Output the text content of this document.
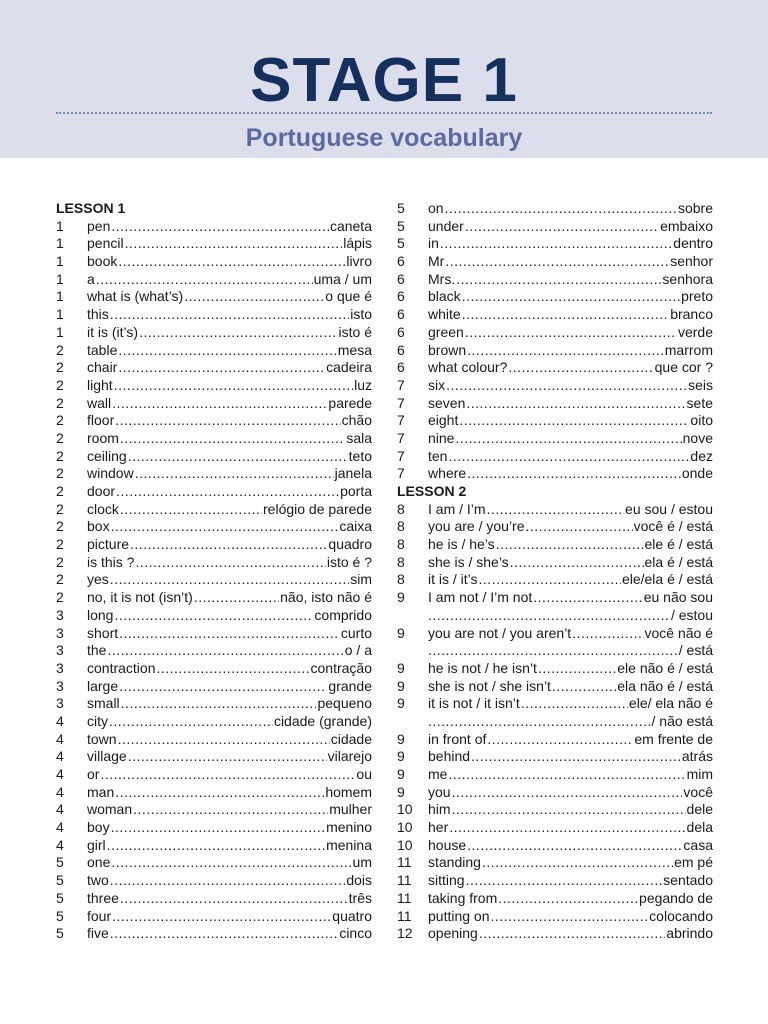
STAGE 1
Portuguese vocabulary
LESSON 1
1	pen .....	caneta
1	pencil .....	lápis
1	book .....	livro
1	a .....	uma / um
1	what is (what’s) .....	o que é
1	this .....	isto
1	it is (it’s) .....	isto é
2	table .....	mesa
2	chair .....	cadeira
2	light .....	luz
2	wall .....	parede
2	floor .....	chão
2	room .....	sala
2	ceiling .....	teto
2	window .....	janela
2	door .....	porta
2	clock .....	relógio de parede
2	box .....	caixa
2	picture .....	quadro
2	is this ? .....	isto é ?
2	yes .....	sim
2	no, it is not (isn’t) .....	não, isto não é
3	long .....	comprido
3	short .....	curto
3	the .....	o / a
3	contraction .....	contração
3	large .....	grande
3	small .....	pequeno
4	city .....	cidade (grande)
4	town .....	cidade
4	village .....	vilarejo
4	or .....	ou
4	man .....	homem
4	woman .....	mulher
4	boy .....	menino
4	girl .....	menina
5	one .....	um
5	two .....	dois
5	three .....	três
5	four .....	quatro
5	five .....	cinco
5	on .....	sobre
5	under .....	embaixo
5	in .....	dentro
6	Mr .....	senhor
6	Mrs. .....	senhora
6	black .....	preto
6	white .....	branco
6	green .....	verde
6	brown .....	marrom
6	what colour? .....	que cor ?
7	six .....	seis
7	seven .....	sete
7	eight .....	oito
7	nine .....	nove
7	ten .....	dez
7	where .....	onde
LESSON 2
8	I am / I’m .....	eu sou / estou
8	you are / you’re .....	você é / está
8	he is / he’s .....	ele é / está
8	she is / she’s .....	ela é / está
8	it is / it’s .....	ele/ela é / está
9	I am not / I’m not .....	eu não sou
.....
/ estou
9	you are not / you aren’t .....	você não é
.....
/ está
9	he is not / he isn’t .....	ele não é / está
9	she is not / she isn’t .....	ela não é / está
9	it is not / it isn’t .....	ele/ ela não é
.....
/ não está
9	in front of .....	em frente de
9	behind .....	atrás
9	me .....	mim
9	you .....	você
10	him .....	dele
10	her .....	dela
10	house .....	casa
11	standing .....	em pé
11	sitting .....	sentado
11	taking from .....	pegando de
11	putting on .....	colocando
12	opening .....	abrindo
